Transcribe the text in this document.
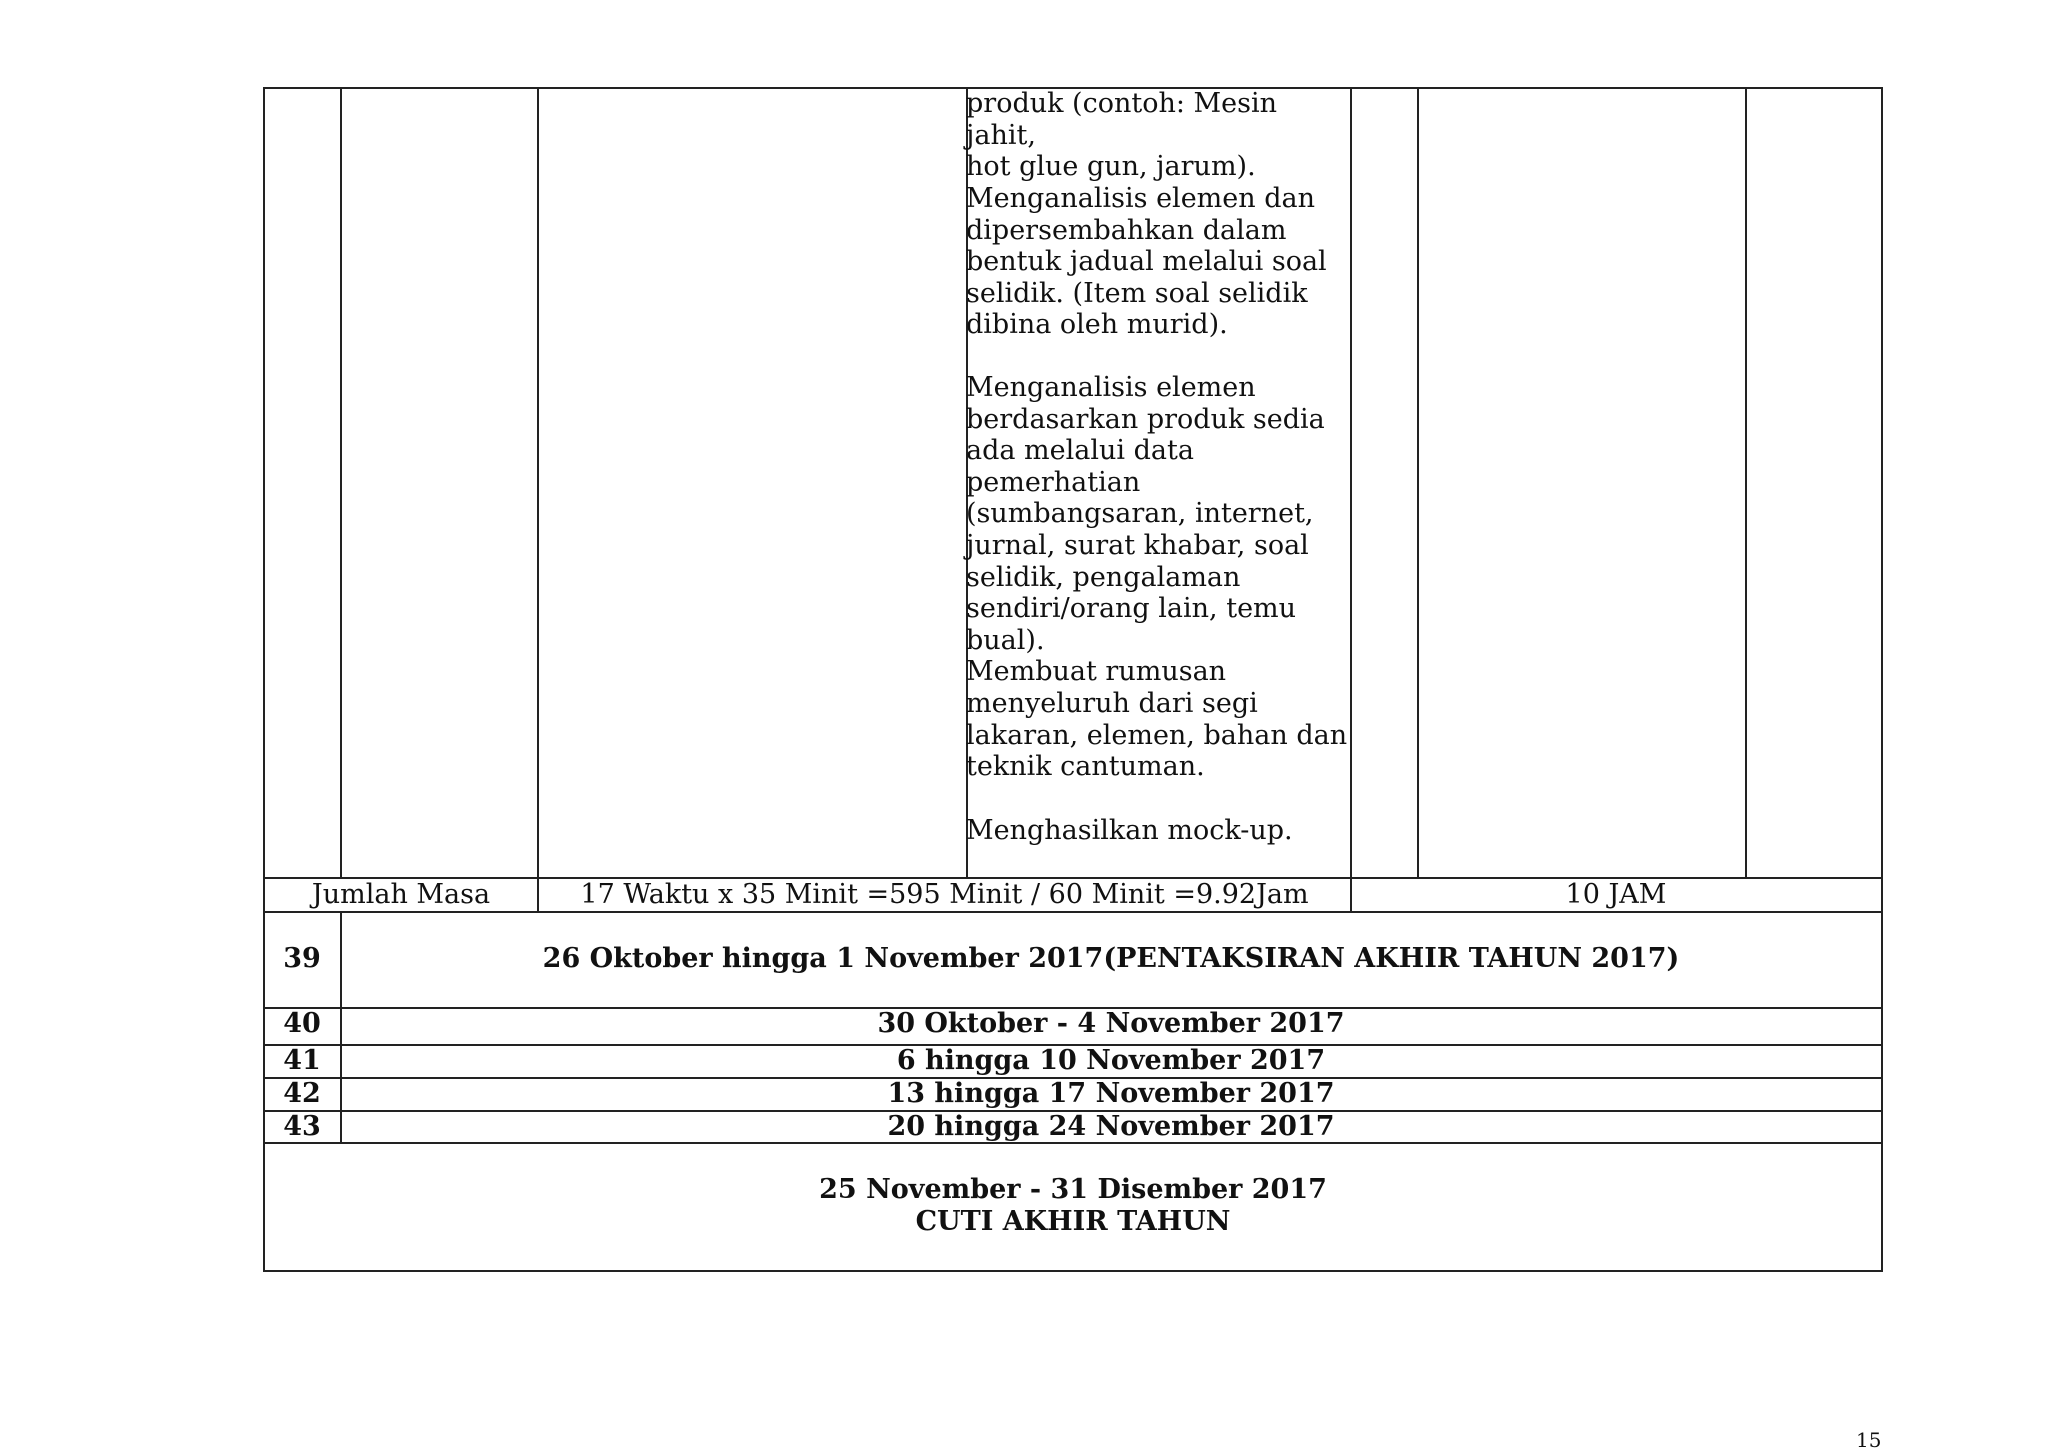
produk (contoh: Mesin jahit,
hot glue gun, jarum).
Menganalisis elemen dan
dipersembahkan dalam
bentuk jadual melalui soal
selidik. (Item soal selidik
dibina oleh murid).
Menganalisis elemen
berdasarkan produk sedia
ada melalui data
pemerhatian
(sumbangsaran, internet,
jurnal, surat khabar, soal
selidik, pengalaman
sendiri/orang lain, temu
bual).
Membuat rumusan
menyeluruh dari segi
lakaran, elemen, bahan dan
teknik cantuman.
Menghasilkan mock-up.
Jumlah Masa	17 Waktu x 35 Minit =595 Minit / 60 Minit =9.92Jam	10 JAM
39	26 Oktober hingga 1 November 2017(PENTAKSIRAN AKHIR TAHUN 2017)
40	30 Oktober - 4 November 2017
41	6 hingga 10 November 2017
42	13 hingga 17 November 2017
43	20 hingga 24 November 2017
25 November - 31 Disember 2017
CUTI AKHIR TAHUN
15
